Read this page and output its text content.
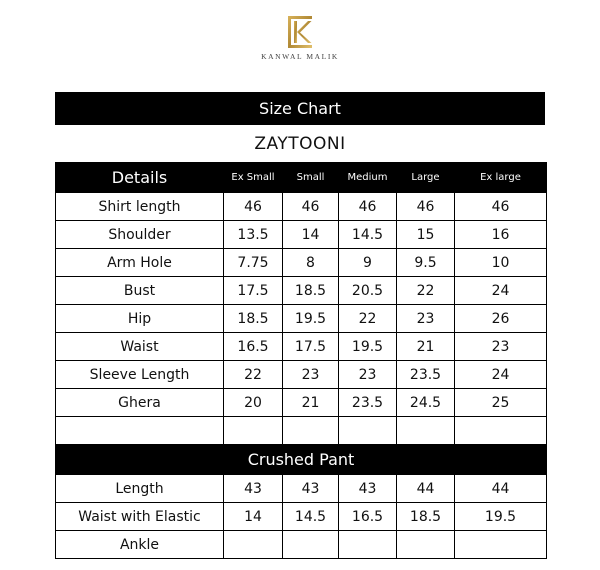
KANWAL MALIK
Size Chart
ZAYTOONI
Details	Ex Small	Small	Medium	Large	Ex large
Shirt length	46	46	46	46	46
Shoulder	13.5	14	14.5	15	16
Arm Hole	7.75	8	9	9.5	10
Bust	17.5	18.5	20.5	22	24
Hip	18.5	19.5	22	23	26
Waist	16.5	17.5	19.5	21	23
Sleeve Length	22	23	23	23.5	24
Ghera	20	21	23.5	24.5	25

Crushed Pant					
Length	43	43	43	44	44
Waist with Elastic	14	14.5	16.5	18.5	19.5
Ankle					
